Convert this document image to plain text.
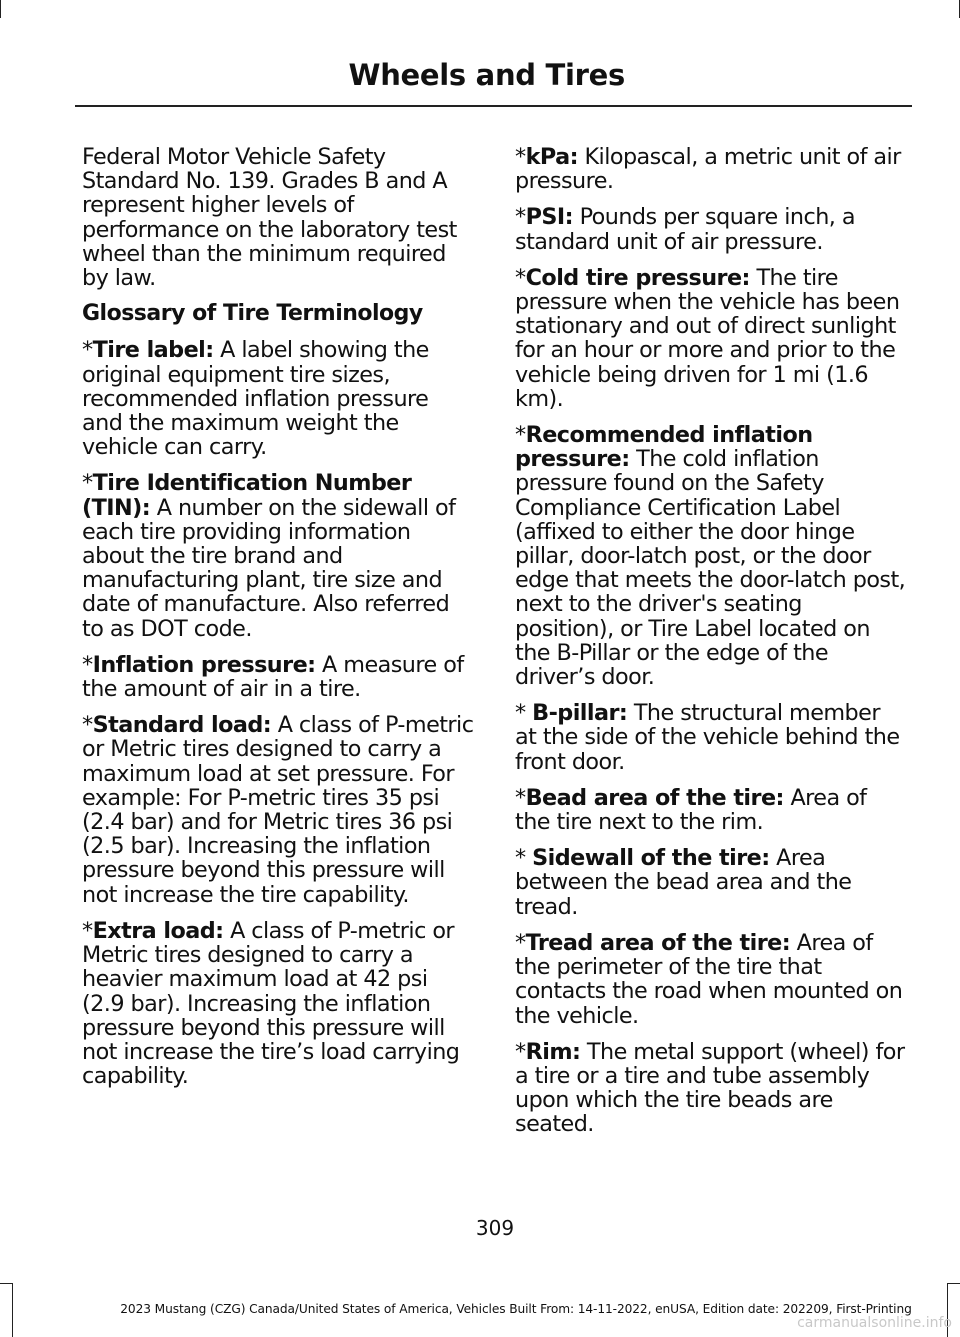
Wheels and Tires

Federal Motor Vehicle Safety Standard No. 139. Grades B and A represent higher levels of performance on the laboratory test wheel than the minimum required by law.

Glossary of Tire Terminology

*Tire label: A label showing the original equipment tire sizes, recommended inflation pressure and the maximum weight the vehicle can carry.

*Tire Identification Number (TIN): A number on the sidewall of each tire providing information about the tire brand and manufacturing plant, tire size and date of manufacture. Also referred to as DOT code.

*Inflation pressure: A measure of the amount of air in a tire.

*Standard load: A class of P-metric or Metric tires designed to carry a maximum load at set pressure. For example: For P-metric tires 35 psi (2.4 bar) and for Metric tires 36 psi (2.5 bar). Increasing the inflation pressure beyond this pressure will not increase the tire capability.

*Extra load: A class of P-metric or Metric tires designed to carry a heavier maximum load at 42 psi (2.9 bar). Increasing the inflation pressure beyond this pressure will not increase the tire’s load carrying capability.

*kPa: Kilopascal, a metric unit of air pressure.

*PSI: Pounds per square inch, a standard unit of air pressure.

*Cold tire pressure: The tire pressure when the vehicle has been stationary and out of direct sunlight for an hour or more and prior to the vehicle being driven for 1 mi (1.6 km).

*Recommended inflation pressure: The cold inflation pressure found on the Safety Compliance Certification Label (affixed to either the door hinge pillar, door-latch post, or the door edge that meets the door-latch post, next to the driver's seating position), or Tire Label located on the B-Pillar or the edge of the driver’s door.

* B-pillar: The structural member at the side of the vehicle behind the front door.

*Bead area of the tire: Area of the tire next to the rim.

* Sidewall of the tire: Area between the bead area and the tread.

*Tread area of the tire: Area of the perimeter of the tire that contacts the road when mounted on the vehicle.

*Rim: The metal support (wheel) for a tire or a tire and tube assembly upon which the tire beads are seated.

309
2023 Mustang (CZG) Canada/United States of America, Vehicles Built From: 14-11-2022, enUSA, Edition date: 202209, First-Printing
carmanualsonline.info
